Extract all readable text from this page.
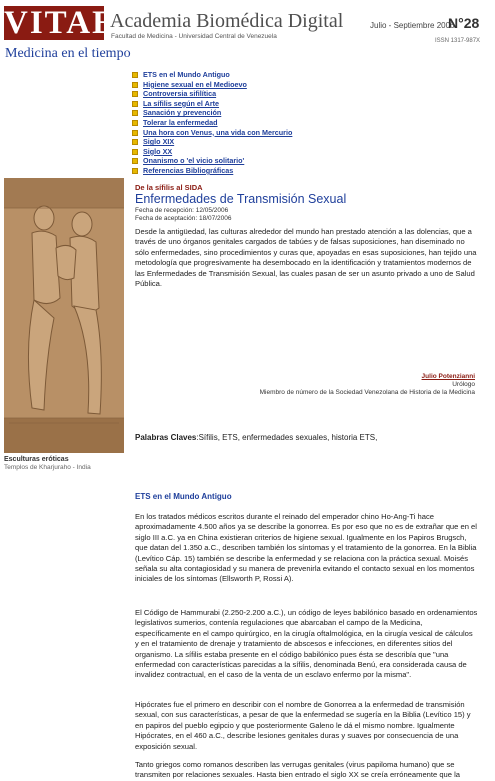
VITAE
Academia Biomédica Digital
Facultad de Medicina - Universidad Central de Venezuela
Julio - Septiembre 2006
N°28
ISSN 1317-987X
Medicina en el tiempo
ETS en el Mundo Antiguo
Higiene sexual en el Medioevo
Controversia sifilítica
La sífilis según el Arte
Sanación y prevención
Tolerar la enfermedad
Una hora con Venus, una vida con Mercurio
Siglo XIX
Siglo XX
Onanismo o 'el vicio solitario'
Referencias Bibliográficas
Esculturas eróticas
Templos de Kharjuraho - India
De la sífilis al SIDA
Enfermedades de Transmisión Sexual
Fecha de recepción: 12/05/2006
Fecha de aceptación: 18/07/2006

Desde la antigüedad, las culturas alrededor del mundo han prestado atención a las dolencias, que a través de uno órganos genitales cargados de tabúes y de falsas suposiciones, han diseminado no sólo enfermedades, sino procedimientos y curas que, apoyadas en esas suposiciones, han tejido una metodología que progresivamente ha desembocado en la identificación y tratamientos modernos de las Enfermedades de Transmisión Sexual, las cuales pasan de ser un asunto privado a uno de Salud Pública.

Julio Potenzianni
Urólogo
Miembro de número de la Sociedad Venezolana de Historia de la Medicina
Palabras Claves:Sífilis, ETS, enfermedades sexuales, historia ETS,
ETS en el Mundo Antiguo

En los tratados médicos escritos durante el reinado del emperador chino Ho-Ang-Ti hace aproximadamente 4.500 años ya se describe la gonorrea. Es por eso que no es de extrañar que en el siglo III a.C. ya en China existieran criterios de higiene sexual. Igualmente en los Papiros Brugsch, que datan del 1.350 a.C., describen también los síntomas y el tratamiento de la gonorrea. En la Biblia (Levítico Cáp. 15) también se describe la enfermedad y se relaciona con la práctica sexual. Moisés señala su alta contagiosidad y su manera de prevenirla evitando el contacto sexual en los momentos iniciales de los síntomas (Ellsworth P, Rossi A).

El Código de Hammurabi (2.250-2.200 a.C.), un código de leyes babilónico basado en ordenamientos legislativos sumerios, contenía regulaciones que abarcaban el campo de la Medicina, específicamente en el campo quirúrgico, en la cirugía oftalmológica, en la cirugía vesical de cálculos y en el tratamiento de drenaje y tratamiento de abscesos e infecciones, en diferentes sitios del organismo. La sífilis estaba presente en el código babilónico pues ésta se describía que "una enfermedad con características parecidas a la sífilis, denominada Benú, era considerada causa de invalidez contractual, en el caso de la venta de un esclavo enfermo por la misma".

Hipócrates fue el primero en describir con el nombre de Gonorrea a la enfermedad de transmisión sexual, con sus características, a pesar de que la enfermedad se sugería en la Biblia (Levítico 15) y en papiros del pueblo egipcio y que posteriormente Galeno le dá el mismo nombre. Igualmente Hipócrates, en el 460 a.C., describe lesiones genitales duras y suaves por consecuencia de una exposición sexual.

Tanto griegos como romanos describen las verrugas genitales (virus papiloma humano) que se transmiten por relaciones sexuales. Hasta bien entrado el siglo XX se creía erróneamente que la
